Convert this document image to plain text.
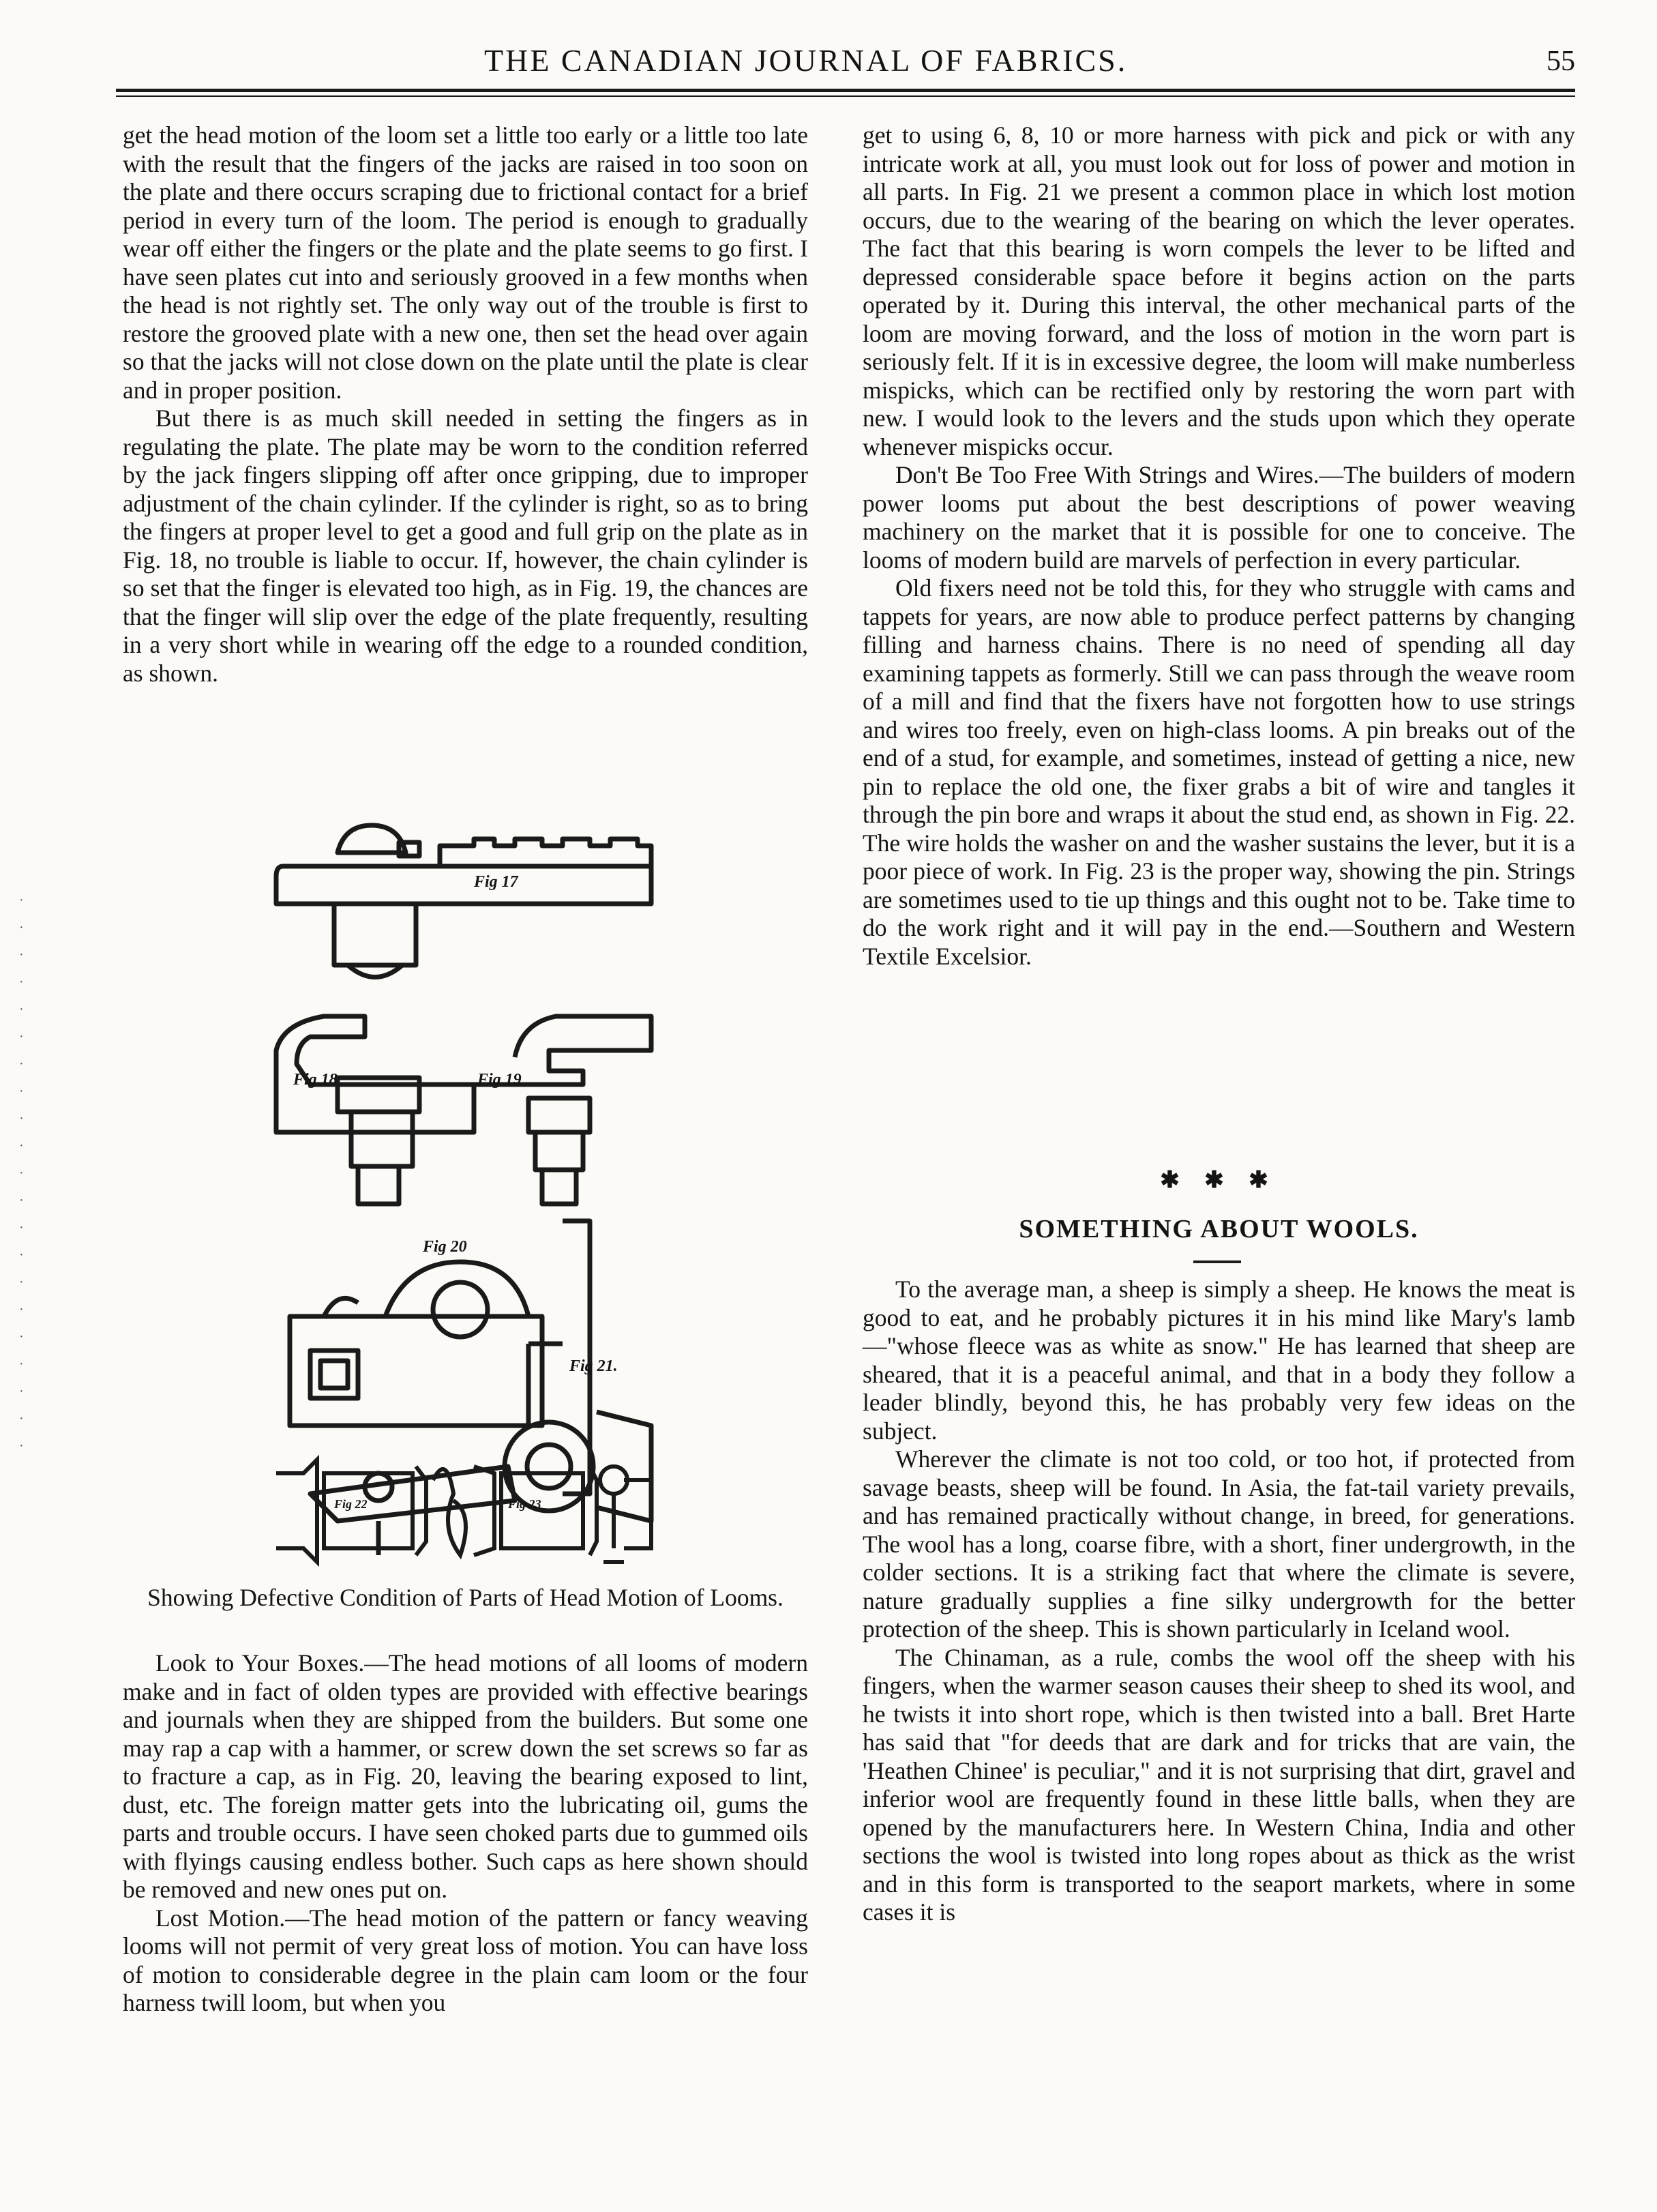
THE CANADIAN JOURNAL OF FABRICS.	55
·
·
·
·
·
·
·
·
·
·
·
·
·
·
·
·
·
·
·
·
·

get the head motion of the loom set a little too early or a little too late with the result that the fingers of the jacks are raised in too soon on the plate and there occurs scraping due to frictional contact for a brief period in every turn of the loom. The period is enough to gradually wear off either the fingers or the plate and the plate seems to go first. I have seen plates cut into and seriously grooved in a few months when the head is not rightly set. The only way out of the trouble is first to restore the grooved plate with a new one, then set the head over again so that the jacks will not close down on the plate until the plate is clear and in proper position.

But there is as much skill needed in setting the fingers as in regulating the plate. The plate may be worn to the condition referred by the jack fingers slipping off after once gripping, due to improper adjustment of the chain cylinder. If the cylinder is right, so as to bring the fingers at proper level to get a good and full grip on the plate as in Fig. 18, no trouble is liable to occur. If, however, the chain cylinder is so set that the finger is elevated too high, as in Fig. 19, the chances are that the finger will slip over the edge of the plate frequently, resulting in a very short while in wearing off the edge to a rounded condition, as shown.

Fig 17
Fig 18	Fig 19
Fig 20
Fig 21.
Fig 22	Fig 23
Showing Defective Condition of Parts of Head Motion of Looms.

Look to Your Boxes.—The head motions of all looms of modern make and in fact of olden types are provided with effective bearings and journals when they are shipped from the builders. But some one may rap a cap with a hammer, or screw down the set screws so far as to fracture a cap, as in Fig. 20, leaving the bearing exposed to lint, dust, etc. The foreign matter gets into the lubricating oil, gums the parts and trouble occurs. I have seen choked parts due to gummed oils with flyings causing endless bother. Such caps as here shown should be removed and new ones put on.

Lost Motion.—The head motion of the pattern or fancy weaving looms will not permit of very great loss of motion. You can have loss of motion to considerable degree in the plain cam loom or the four harness twill loom, but when you

get to using 6, 8, 10 or more harness with pick and pick or with any intricate work at all, you must look out for loss of power and motion in all parts. In Fig. 21 we present a common place in which lost motion occurs, due to the wearing of the bearing on which the lever operates. The fact that this bearing is worn compels the lever to be lifted and depressed considerable space before it begins action on the parts operated by it. During this interval, the other mechanical parts of the loom are moving forward, and the loss of motion in the worn part is seriously felt. If it is in excessive degree, the loom will make numberless mispicks, which can be rectified only by restoring the worn part with new. I would look to the levers and the studs upon which they operate whenever mispicks occur.

Don't Be Too Free With Strings and Wires.—The builders of modern power looms put about the best descriptions of power weaving machinery on the market that it is possible for one to conceive. The looms of modern build are marvels of perfection in every particular.

Old fixers need not be told this, for they who struggle with cams and tappets for years, are now able to produce perfect patterns by changing filling and harness chains. There is no need of spending all day examining tappets as formerly. Still we can pass through the weave room of a mill and find that the fixers have not forgotten how to use strings and wires too freely, even on high-class looms. A pin breaks out of the end of a stud, for example, and sometimes, instead of getting a nice, new pin to replace the old one, the fixer grabs a bit of wire and tangles it through the pin bore and wraps it about the stud end, as shown in Fig. 22. The wire holds the washer on and the washer sustains the lever, but it is a poor piece of work. In Fig. 23 is the proper way, showing the pin. Strings are sometimes used to tie up things and this ought not to be. Take time to do the work right and it will pay in the end.—Southern and Western Textile Excelsior.

✱ ✱ ✱
SOMETHING ABOUT WOOLS.

To the average man, a sheep is simply a sheep. He knows the meat is good to eat, and he probably pictures it in his mind like Mary's lamb—"whose fleece was as white as snow." He has learned that sheep are sheared, that it is a peaceful animal, and that in a body they follow a leader blindly, beyond this, he has probably very few ideas on the subject.

Wherever the climate is not too cold, or too hot, if protected from savage beasts, sheep will be found. In Asia, the fat-tail variety prevails, and has remained practically without change, in breed, for generations. The wool has a long, coarse fibre, with a short, finer undergrowth, in the colder sections. It is a striking fact that where the climate is severe, nature gradually supplies a fine silky undergrowth for the better protection of the sheep. This is shown particularly in Iceland wool.

The Chinaman, as a rule, combs the wool off the sheep with his fingers, when the warmer season causes their sheep to shed its wool, and he twists it into short rope, which is then twisted into a ball. Bret Harte has said that "for deeds that are dark and for tricks that are vain, the 'Heathen Chinee' is peculiar," and it is not surprising that dirt, gravel and inferior wool are frequently found in these little balls, when they are opened by the manufacturers here. In Western China, India and other sections the wool is twisted into long ropes about as thick as the wrist and in this form is transported to the seaport markets, where in some cases it is
